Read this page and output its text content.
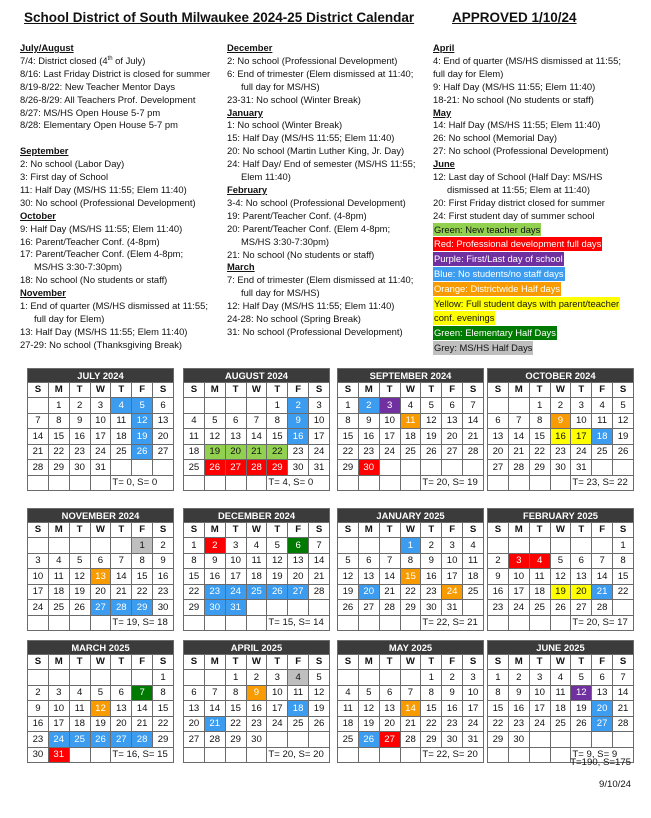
School District of South Milwaukee 2024-25 District Calendar	APPROVED 1/10/24
July/August
7/4: District closed (4th of July)
8/16: Last Friday District is closed for summer
8/19-8/22: New Teacher Mentor Days
8/26-8/29: All Teachers Prof. Development
8/27: MS/HS Open House 5-7 pm
8/28: Elementary Open House 5-7 pm
September
2: No school (Labor Day)
3: First day of School
11: Half Day (MS/HS 11:55; Elem 11:40)
30: No school (Professional Development)
October
9: Half Day (MS/HS 11:55; Elem 11:40)
16: Parent/Teacher Conf. (4-8pm)
17: Parent/Teacher Conf. (Elem 4-8pm;
MS/HS 3:30-7:30pm)
18: No school (No students or staff)
November
1: End of quarter (MS/HS dismissed at 11:55;
full day for Elem)
13: Half Day (MS/HS 11:55; Elem 11:40)
27-29: No school (Thanksgiving Break)
December
2: No school (Professional Development)
6: End of trimester (Elem dismissed at 11:40;
full day for MS/HS)
23-31: No school (Winter Break)
January
1: No school (Winter Break)
15: Half Day (MS/HS 11:55; Elem 11:40)
20: No school (Martin Luther King, Jr. Day)
24: Half Day/ End of semester (MS/HS 11:55;
Elem 11:40)
February
3-4: No school (Professional Development)
19: Parent/Teacher Conf. (4-8pm)
20: Parent/Teacher Conf. (Elem 4-8pm;
MS/HS 3:30-7:30pm)
21: No school (No students or staff)
March
7: End of trimester (Elem dismissed at 11:40;
full day for MS/HS)
12: Half Day (MS/HS 11:55; Elem 11:40)
24-28: No school (Spring Break)
31: No school (Professional Development)
April
4: End of quarter (MS/HS dismissed at 11:55;
full day for Elem)
9: Half Day (MS/HS 11:55; Elem 11:40)
18-21: No school (No students or staff)
May
14: Half Day (MS/HS 11:55; Elem 11:40)
26: No school (Memorial Day)
27: No school (Professional Development)
June
12: Last day of School (Half Day: MS/HS
dismissed at 11:55; Elem at 11:40)
20: First Friday district closed for summer
24: First student day of summer school
Green: New teacher days
Red: Professional development full days
Purple: First/Last day of school
Blue: No students/no staff days
Orange: Districtwide Half days
Yellow: Full student days with parent/teacher
conf. evenings
Green: Elementary Half Days
Grey: MS/HS Half Days
JULY 2024						
S	M	T	W	T	F	S
	1	2	3	4	5	6
7	8	9	10	11	12	13
14	15	16	17	18	19	20
21	22	23	24	25	26	27
28	29	30	31			
				T= 0, S= 0		
AUGUST 2024						
S	M	T	W	T	F	S
				1	2	3
4	5	6	7	8	9	10
11	12	13	14	15	16	17
18	19	20	21	22	23	24
25	26	27	28	29	30	31
				T= 4, S= 0		
SEPTEMBER 2024						
S	M	T	W	T	F	S
1	2	3	4	5	6	7
8	9	10	11	12	13	14
15	16	17	18	19	20	21
22	23	24	25	26	27	28
29	30					
				T= 20, S= 19		
OCTOBER 2024						
S	M	T	W	T	F	S
		1	2	3	4	5
6	7	8	9	10	11	12
13	14	15	16	17	18	19
20	21	22	23	24	25	26
27	28	29	30	31		
				T= 23, S= 22		
NOVEMBER 2024						
S	M	T	W	T	F	S
					1	2
3	4	5	6	7	8	9
10	11	12	13	14	15	16
17	18	19	20	21	22	23
24	25	26	27	28	29	30
				T= 19, S= 18		
DECEMBER 2024						
S	M	T	W	T	F	S
1	2	3	4	5	6	7
8	9	10	11	12	13	14
15	16	17	18	19	20	21
22	23	24	25	26	27	28
29	30	31				
				T= 15, S= 14		
JANUARY 2025						
S	M	T	W	T	F	S
			1	2	3	4
5	6	7	8	9	10	11
12	13	14	15	16	17	18
19	20	21	22	23	24	25
26	27	28	29	30	31	
				T= 22, S= 21		
FEBRUARY 2025						
S	M	T	W	T	F	S
						1
2	3	4	5	6	7	8
9	10	11	12	13	14	15
16	17	18	19	20	21	22
23	24	25	26	27	28	
				T= 20, S= 17		
MARCH 2025						
S	M	T	W	T	F	S
						1
2	3	4	5	6	7	8
9	10	11	12	13	14	15
16	17	18	19	20	21	22
23	24	25	26	27	28	29
30	31			T= 16, S= 15		
APRIL 2025						
S	M	T	W	T	F	S
		1	2	3	4	5
6	7	8	9	10	11	12
13	14	15	16	17	18	19
20	21	22	23	24	25	26
27	28	29	30			
				T= 20, S= 20		
MAY 2025						
S	M	T	W	T	F	S
				1	2	3
4	5	6	7	8	9	10
11	12	13	14	15	16	17
18	19	20	21	22	23	24
25	26	27	28	29	30	31
				T= 22, S= 20		
JUNE 2025						
S	M	T	W	T	F	S
1	2	3	4	5	6	7
8	9	10	11	12	13	14
15	16	17	18	19	20	21
22	23	24	25	26	27	28
29	30					
				T= 9, S= 9		
T=190, S=175
9/10/24
